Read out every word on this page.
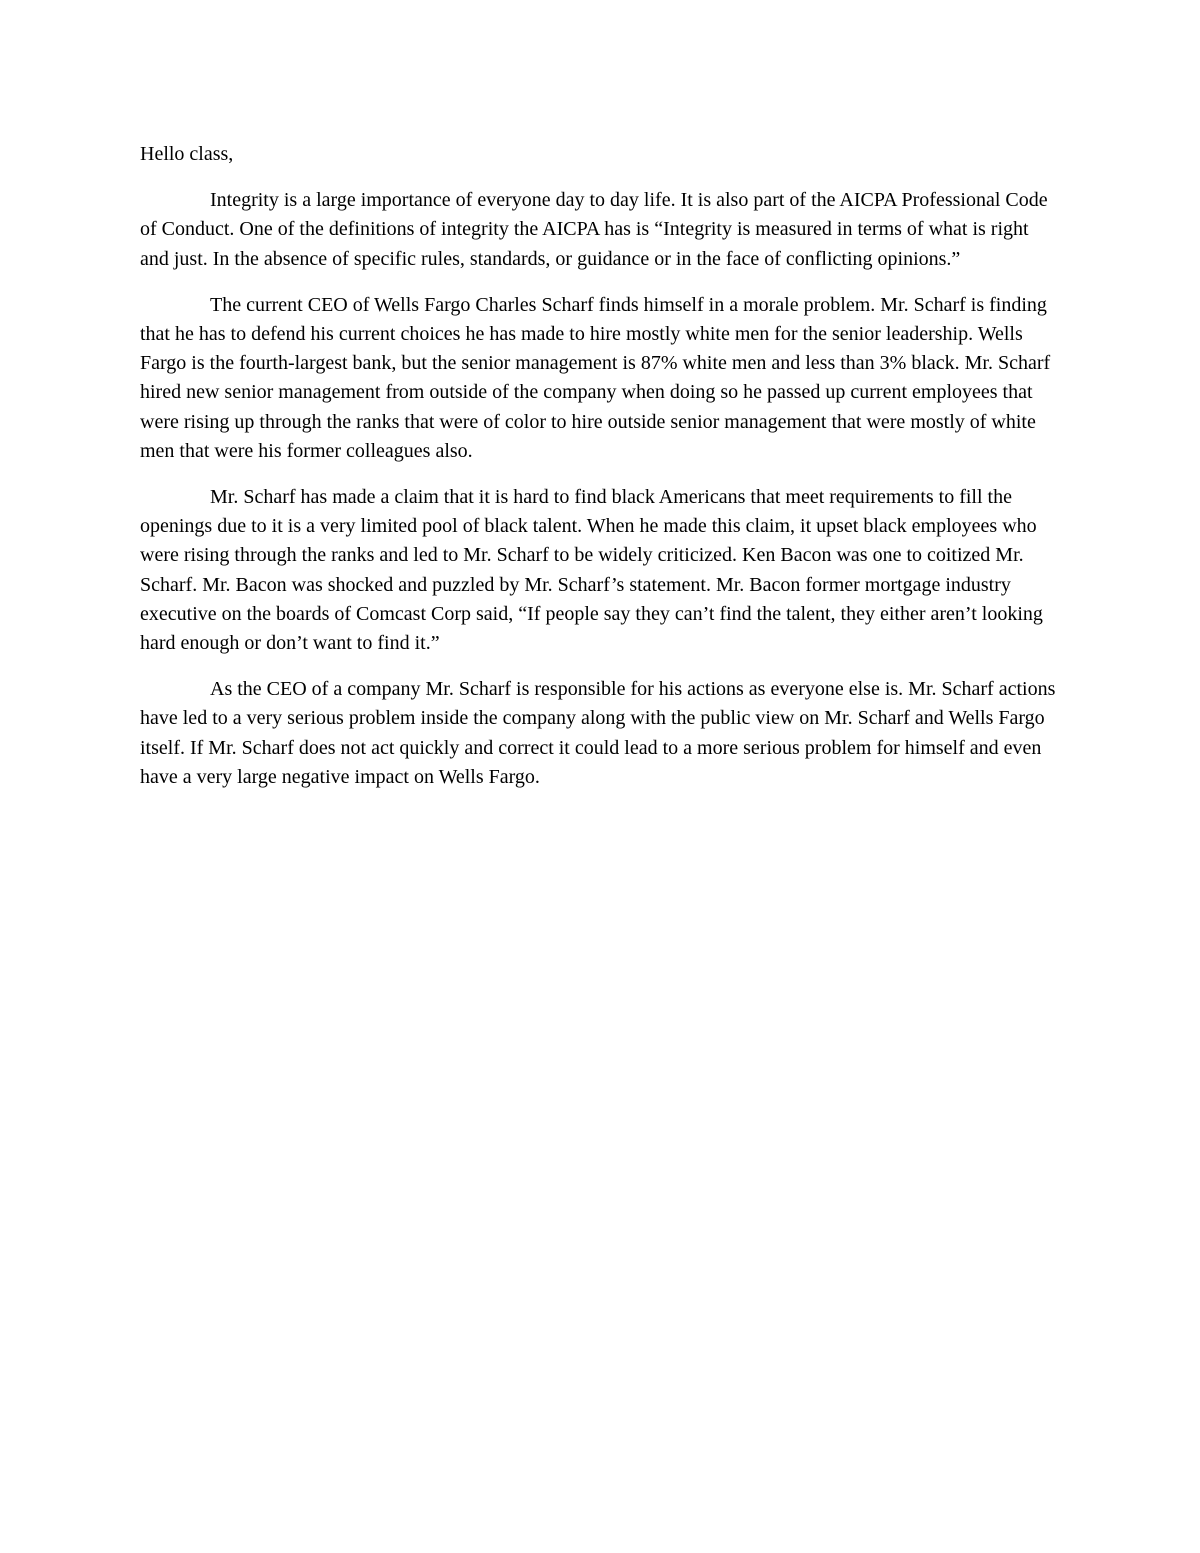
Hello class,

Integrity is a large importance of everyone day to day life. It is also part of the AICPA Professional Code of Conduct. One of the definitions of integrity the AICPA has is “Integrity is measured in terms of what is right and just. In the absence of specific rules, standards, or guidance or in the face of conflicting opinions.”

The current CEO of Wells Fargo Charles Scharf finds himself in a morale problem. Mr. Scharf is finding that he has to defend his current choices he has made to hire mostly white men for the senior leadership. Wells Fargo is the fourth-largest bank, but the senior management is 87% white men and less than 3% black. Mr. Scharf hired new senior management from outside of the company when doing so he passed up current employees that were rising up through the ranks that were of color to hire outside senior management that were mostly of white men that were his former colleagues also.

Mr. Scharf has made a claim that it is hard to find black Americans that meet requirements to fill the openings due to it is a very limited pool of black talent. When he made this claim, it upset black employees who were rising through the ranks and led to Mr. Scharf to be widely criticized. Ken Bacon was one to coitized Mr. Scharf. Mr. Bacon was shocked and puzzled by Mr. Scharf’s statement. Mr. Bacon former mortgage industry executive on the boards of Comcast Corp said, “If people say they can’t find the talent, they either aren’t looking hard enough or don’t want to find it.”

As the CEO of a company Mr. Scharf is responsible for his actions as everyone else is. Mr. Scharf actions have led to a very serious problem inside the company along with the public view on Mr. Scharf and Wells Fargo itself. If Mr. Scharf does not act quickly and correct it could lead to a more serious problem for himself and even have a very large negative impact on Wells Fargo.
